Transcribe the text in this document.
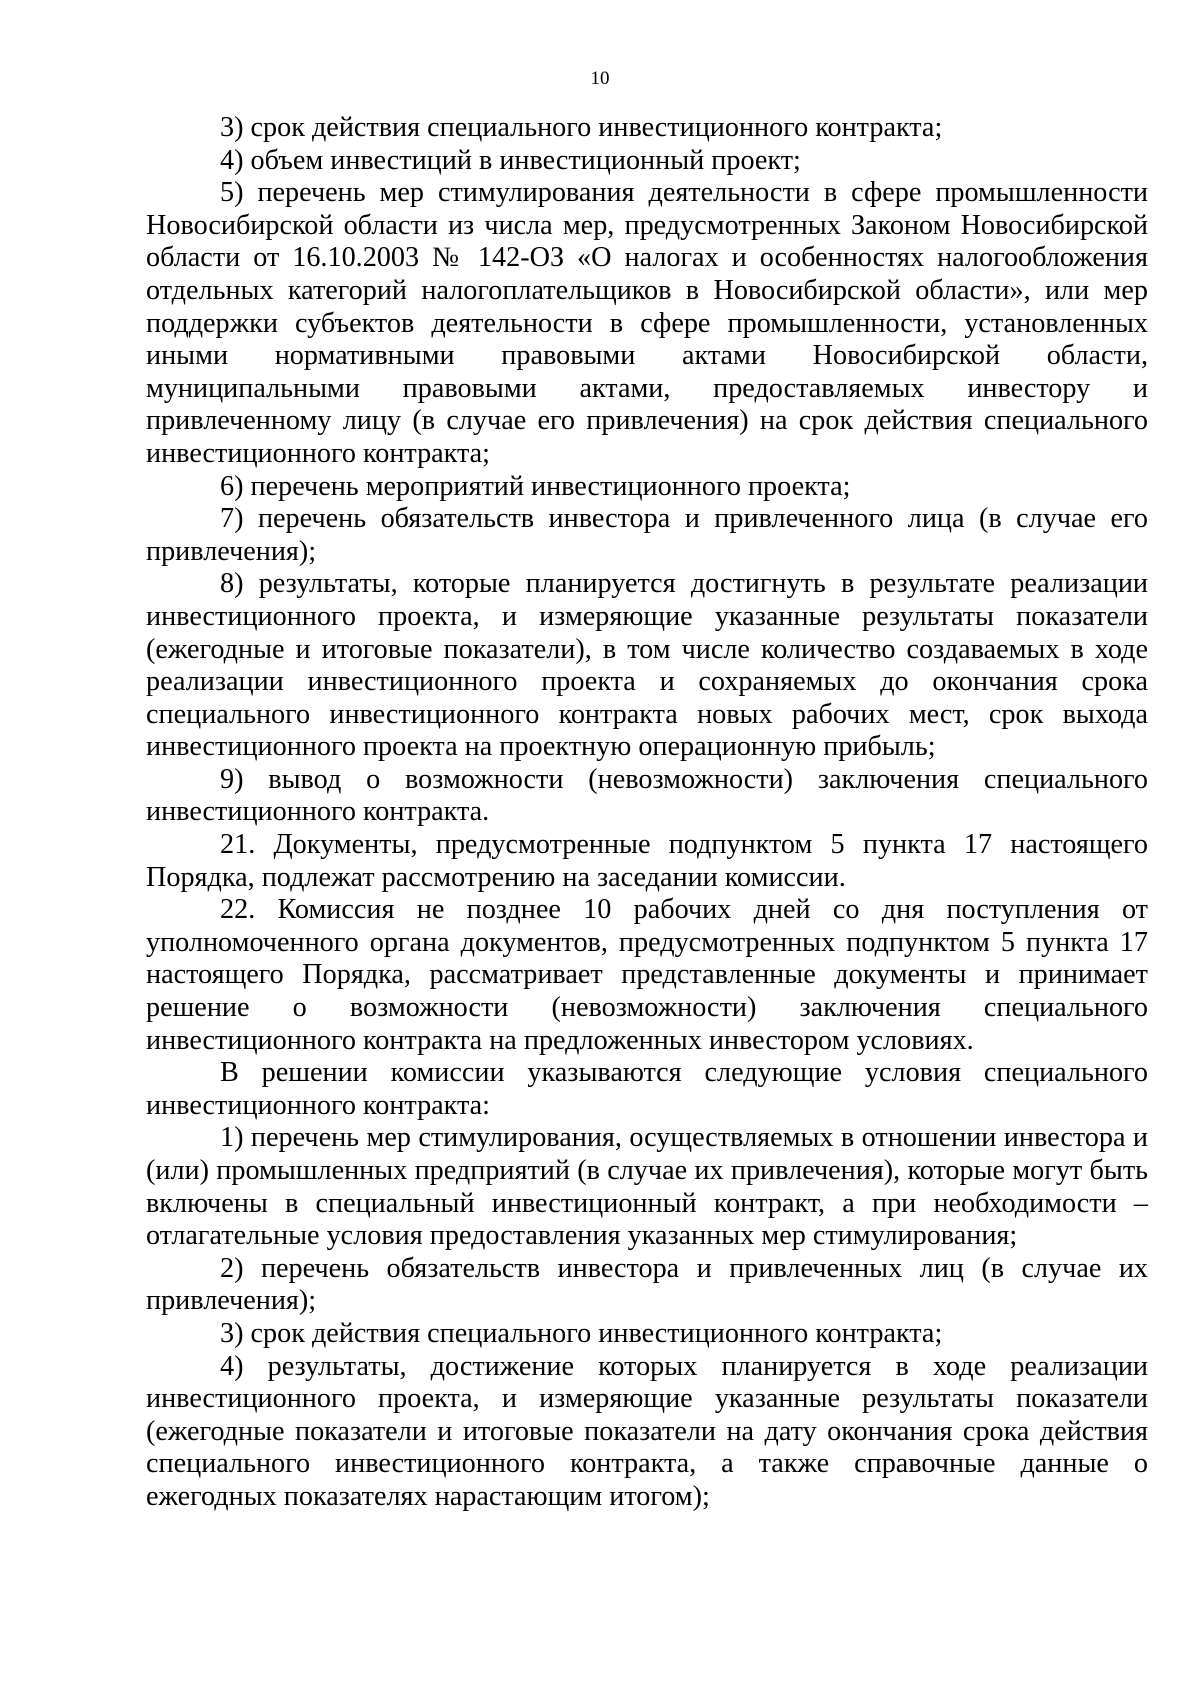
10

3) срок действия специального инвестиционного контракта;

4) объем инвестиций в инвестиционный проект;

5) перечень мер стимулирования деятельности в сфере промышленности Новосибирской области из числа мер, предусмотренных Законом Новосибирской области от 16.10.2003 № 142-ОЗ «О налогах и особенностях налогообложения отдельных категорий налогоплательщиков в Новосибирской области», или мер поддержки субъектов деятельности в сфере промышленности, установленных иными нормативными правовыми актами Новосибирской области, муниципальными правовыми актами, предоставляемых инвестору и привлеченному лицу (в случае его привлечения) на срок действия специального инвестиционного контракта;

6) перечень мероприятий инвестиционного проекта;

7) перечень обязательств инвестора и привлеченного лица (в случае его привлечения);

8) результаты, которые планируется достигнуть в результате реализации инвестиционного проекта, и измеряющие указанные результаты показатели (ежегодные и итоговые показатели), в том числе количество создаваемых в ходе реализации инвестиционного проекта и сохраняемых до окончания срока специального инвестиционного контракта новых рабочих мест, срок выхода инвестиционного проекта на проектную операционную прибыль;

9) вывод о возможности (невозможности) заключения специального инвестиционного контракта.

21. Документы, предусмотренные подпунктом 5 пункта 17 настоящего Порядка, подлежат рассмотрению на заседании комиссии.

22. Комиссия не позднее 10 рабочих дней со дня поступления от уполномоченного органа документов, предусмотренных подпунктом 5 пункта 17 настоящего Порядка, рассматривает представленные документы и принимает решение о возможности (невозможности) заключения специального инвестиционного контракта на предложенных инвестором условиях.

В решении комиссии указываются следующие условия специального инвестиционного контракта:

1) перечень мер стимулирования, осуществляемых в отношении инвестора и (или) промышленных предприятий (в случае их привлечения), которые могут быть включены в специальный инвестиционный контракт, а при необходимости – отлагательные условия предоставления указанных мер стимулирования;

2) перечень обязательств инвестора и привлеченных лиц (в случае их привлечения);

3) срок действия специального инвестиционного контракта;

4) результаты, достижение которых планируется в ходе реализации инвестиционного проекта, и измеряющие указанные результаты показатели (ежегодные показатели и итоговые показатели на дату окончания срока действия специального инвестиционного контракта, а также справочные данные о ежегодных показателях нарастающим итогом);
